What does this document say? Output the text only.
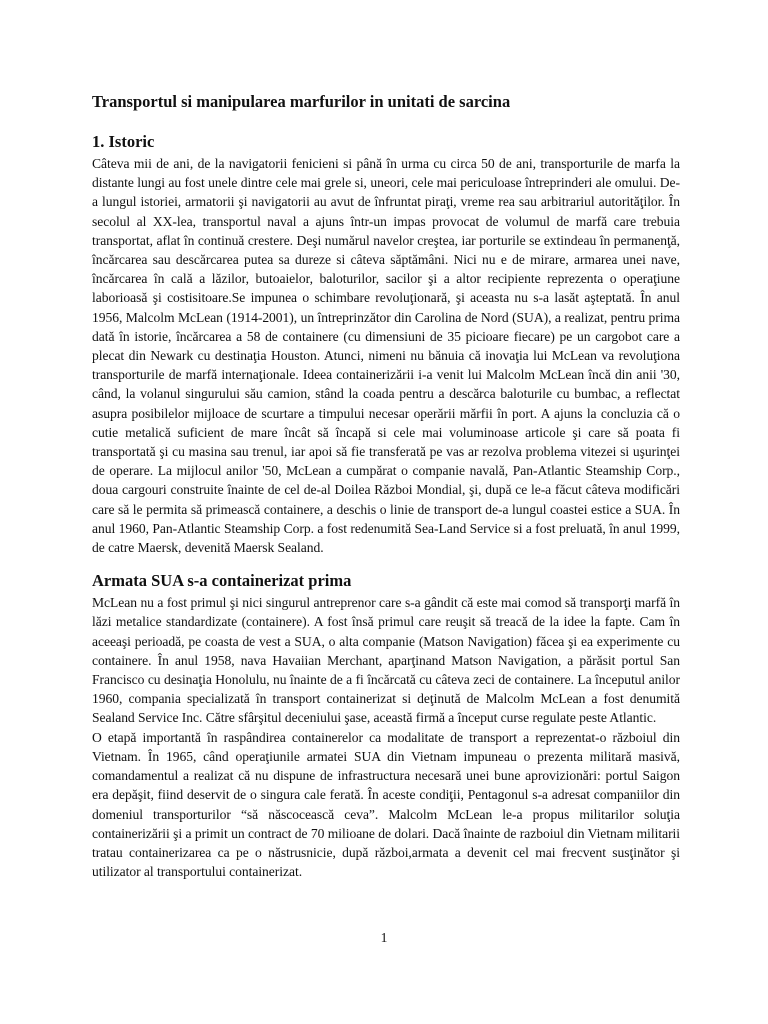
Transportul si manipularea marfurilor in unitati de sarcina
1. Istoric

Câteva mii de ani, de la navigatorii fenicieni si până în urma cu circa 50 de ani, transporturile de marfa la distante lungi au fost unele dintre cele mai grele si, uneori, cele mai periculoase întreprinderi ale omului. De-a lungul istoriei, armatorii şi navigatorii au avut de înfruntat piraţi, vreme rea sau arbitrariul autorităţilor. În secolul al XX-lea, transportul naval a ajuns într-un impas provocat de volumul de marfă care trebuia transportat, aflat în continuă crestere. Deşi numărul navelor creştea, iar porturile se extindeau în permanenţă, încărcarea sau descărcarea putea sa dureze si câteva săptămâni. Nici nu e de mirare, armarea unei nave, încărcarea în cală a lăzilor, butoaielor, baloturilor, sacilor şi a altor recipiente reprezenta o operaţiune laborioasă şi costisitoare.Se impunea o schimbare revoluţionară, şi aceasta nu s-a lasăt aşteptată. În anul 1956, Malcolm McLean (1914-2001), un întreprinzător din Carolina de Nord (SUA), a realizat, pentru prima dată în istorie, încărcarea a 58 de containere (cu dimensiuni de 35 picioare fiecare) pe un cargobot care a plecat din Newark cu destinaţia Houston. Atunci, nimeni nu bănuia că inovaţia lui McLean va revoluţiona transporturile de marfă internaţionale. Ideea containerizării i-a venit lui Malcolm McLean încă din anii '30, când, la volanul singurului său camion, stând la coada pentru a descărca baloturile cu bumbac, a reflectat asupra posibilelor mijloace de scurtare a timpului necesar operării mărfii în port. A ajuns la concluzia că o cutie metalică suficient de mare încât să încapă si cele mai voluminoase articole şi care să poata fi transportată şi cu masina sau trenul, iar apoi să fie transferată pe vas ar rezolva problema vitezei si uşurinţei de operare. La mijlocul anilor '50, McLean a cumpărat o companie navală, Pan-Atlantic Steamship Corp., doua cargouri construite înainte de cel de-al Doilea Război Mondial, şi, după ce le-a făcut câteva modificări care să le permita să primească containere, a deschis o linie de transport de-a lungul coastei estice a SUA. În anul 1960, Pan-Atlantic Steamship Corp. a fost redenumită Sea-Land Service si a fost preluată, în anul 1999, de catre Maersk, devenită Maersk Sealand.

Armata SUA s-a containerizat prima

McLean nu a fost primul şi nici singurul antreprenor care s-a gândit că este mai comod să transporţi marfă în lăzi metalice standardizate (containere). A fost însă primul care reuşit să treacă de la idee la fapte. Cam în aceeaşi perioadă, pe coasta de vest a SUA, o alta companie (Matson Navigation) făcea şi ea experimente cu containere. În anul 1958, nava Havaiian Merchant, aparţinand Matson Navigation, a părăsit portul San Francisco cu desinaţia Honolulu, nu înainte de a fi încărcată cu câteva zeci de containere. La începutul anilor 1960, compania specializată în transport containerizat si deţinută de Malcolm McLean a fost denumită Sealand Service Inc. Către sfârşitul deceniului şase, această firmă a început curse regulate peste Atlantic.

O etapă importantă în raspândirea containerelor ca modalitate de transport a reprezentat-o războiul din Vietnam. În 1965, când operaţiunile armatei SUA din Vietnam impuneau o prezenta militară masivă, comandamentul a realizat că nu dispune de infrastructura necesară unei bune aprovizionări: portul Saigon era depăşit, fiind deservit de o singura cale ferată. În aceste condiţii, Pentagonul s-a adresat companiilor din domeniul transporturilor “să născocească ceva”. Malcolm McLean le-a propus militarilor soluţia containerizării şi a primit un contract de 70 milioane de dolari. Dacă înainte de razboiul din Vietnam militarii tratau containerizarea ca pe o năstrusnicie, după război,armata a devenit cel mai frecvent susţinător şi utilizator al transportului containerizat.

1
